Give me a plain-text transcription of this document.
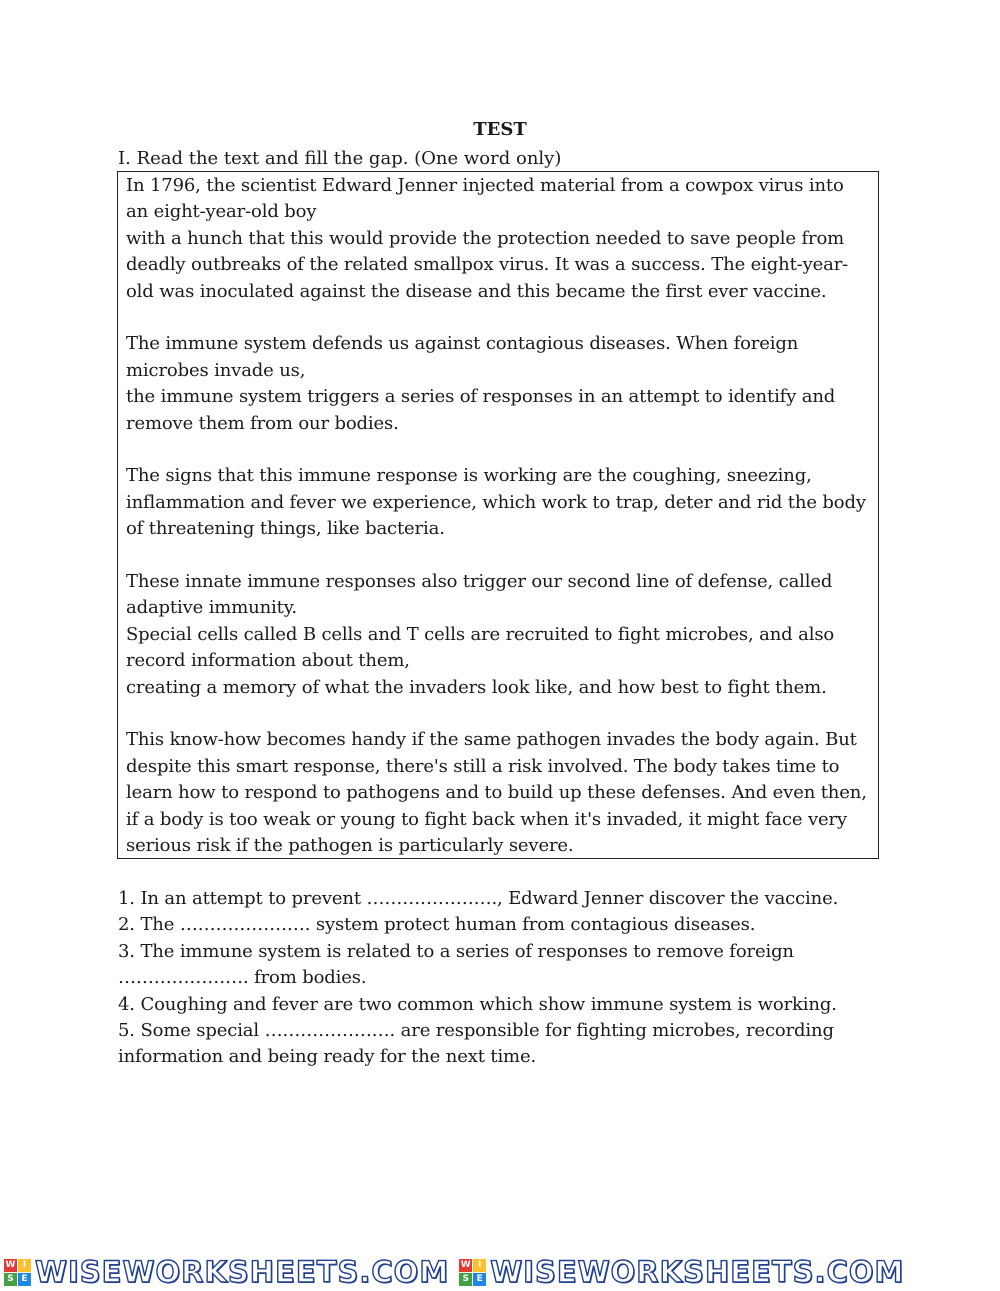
TEST
I. Read the text and fill the gap. (One word only)

In 1796, the scientist Edward Jenner injected material from a cowpox virus into an eight-year-old boy
with a hunch that this would provide the protection needed to save people from deadly outbreaks of the related smallpox virus. It was a success. The eight-year-old was inoculated against the disease and this became the first ever vaccine.

The immune system defends us against contagious diseases. When foreign microbes invade us,
the immune system triggers a series of responses in an attempt to identify and remove them from our bodies.

The signs that this immune response is working are the coughing, sneezing, inflammation and fever we experience, which work to trap, deter and rid the body of threatening things, like bacteria.

These innate immune responses also trigger our second line of defense, called adaptive immunity.
Special cells called B cells and T cells are recruited to fight microbes, and also record information about them,
creating a memory of what the invaders look like, and how best to fight them.

This know-how becomes handy if the same pathogen invades the body again. But despite this smart response, there's still a risk involved. The body takes time to learn how to respond to pathogens and to build up these defenses. And even then, if a body is too weak or young to fight back when it's invaded, it might face very serious risk if the pathogen is particularly severe.

1. In an attempt to prevent …………………., Edward Jenner discover the vaccine.
2. The …………………. system protect human from contagious diseases.
3. The immune system is related to a series of responses to remove foreign …………………. from bodies.
4. Coughing and fever are two common which show immune system is working.
5. Some special …………………. are responsible for fighting microbes, recording information and being ready for the next time.
W I
S E WISEWORKSHEETS.COM W I
S E WISEWORKSHEETS.COM
